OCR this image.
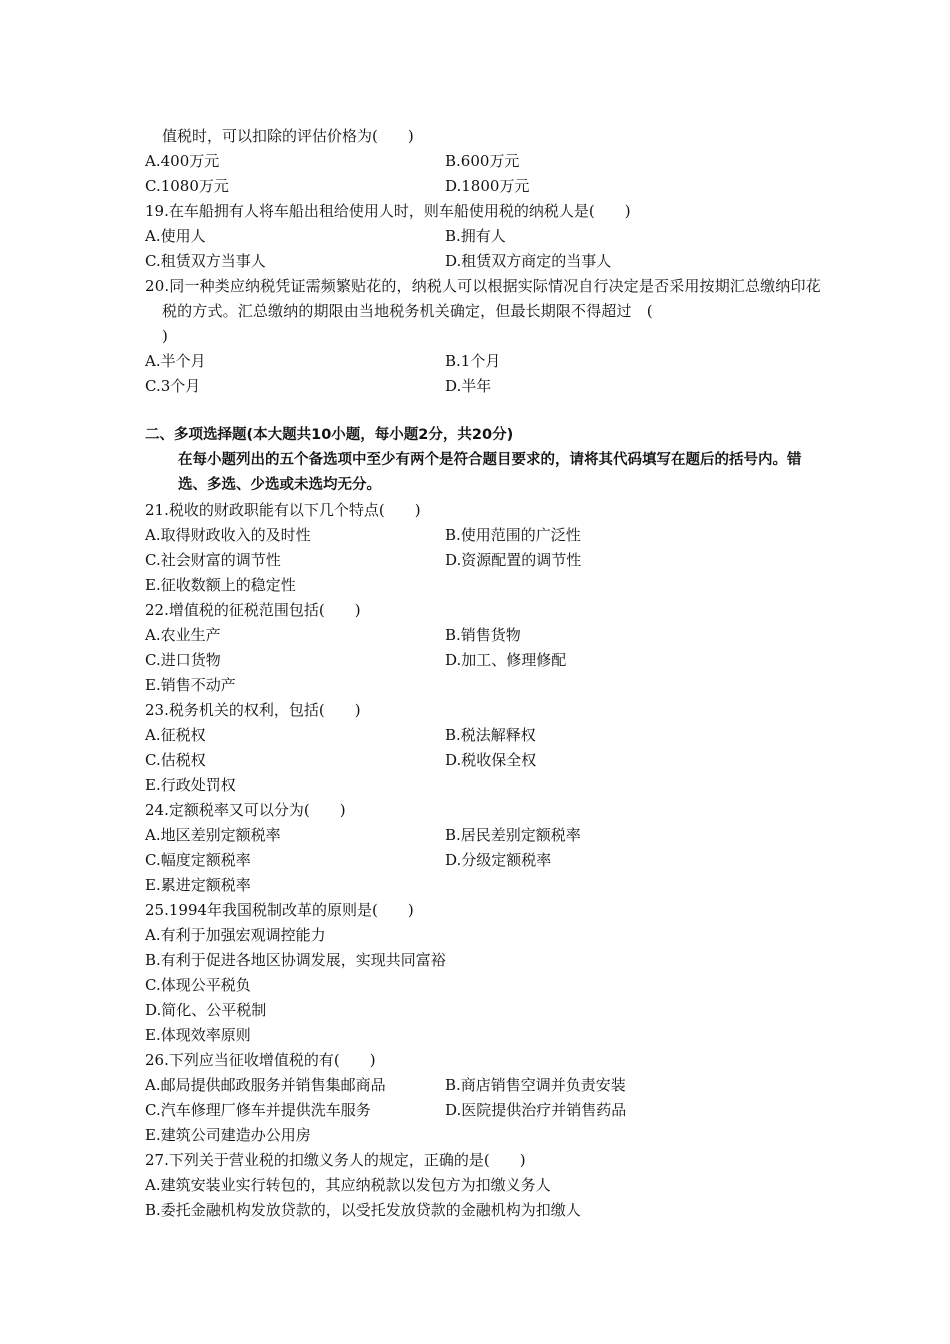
值税时，可以扣除的评估价格为(　　)
A.400万元	B.600万元
C.1080万元	D.1800万元
19.在车船拥有人将车船出租给使用人时，则车船使用税的纳税人是(　　)
A.使用人	B.拥有人
C.租赁双方当事人	D.租赁双方商定的当事人
20.同一种类应纳税凭证需频繁贴花的，纳税人可以根据实际情况自行决定是否采用按期汇总缴纳印花税的方式。汇总缴纳的期限由当地税务机关确定，但最长期限不得超过　(
)
A.半个月	B.1个月
C.3个月	D.半年
二、多项选择题(本大题共10小题，每小题2分，共20分)
在每小题列出的五个备选项中至少有两个是符合题目要求的，请将其代码填写在题后的括号内。错选、多选、少选或未选均无分。
21.税收的财政职能有以下几个特点(　　)
A.取得财政收入的及时性	B.使用范围的广泛性
C.社会财富的调节性	D.资源配置的调节性
E.征收数额上的稳定性
22.增值税的征税范围包括(　　)
A.农业生产	B.销售货物
C.进口货物	D.加工、修理修配
E.销售不动产
23.税务机关的权利，包括(　　)
A.征税权	B.税法解释权
C.估税权	D.税收保全权
E.行政处罚权
24.定额税率又可以分为(　　)
A.地区差别定额税率	B.居民差别定额税率
C.幅度定额税率	D.分级定额税率
E.累进定额税率
25.1994年我国税制改革的原则是(　　)
A.有利于加强宏观调控能力
B.有利于促进各地区协调发展，实现共同富裕
C.体现公平税负
D.简化、公平税制
E.体现效率原则
26.下列应当征收增值税的有(　　)
A.邮局提供邮政服务并销售集邮商品	B.商店销售空调并负责安装
C.汽车修理厂修车并提供洗车服务	D.医院提供治疗并销售药品
E.建筑公司建造办公用房
27.下列关于营业税的扣缴义务人的规定，正确的是(　　)
A.建筑安装业实行转包的，其应纳税款以发包方为扣缴义务人
B.委托金融机构发放贷款的，以受托发放贷款的金融机构为扣缴人
